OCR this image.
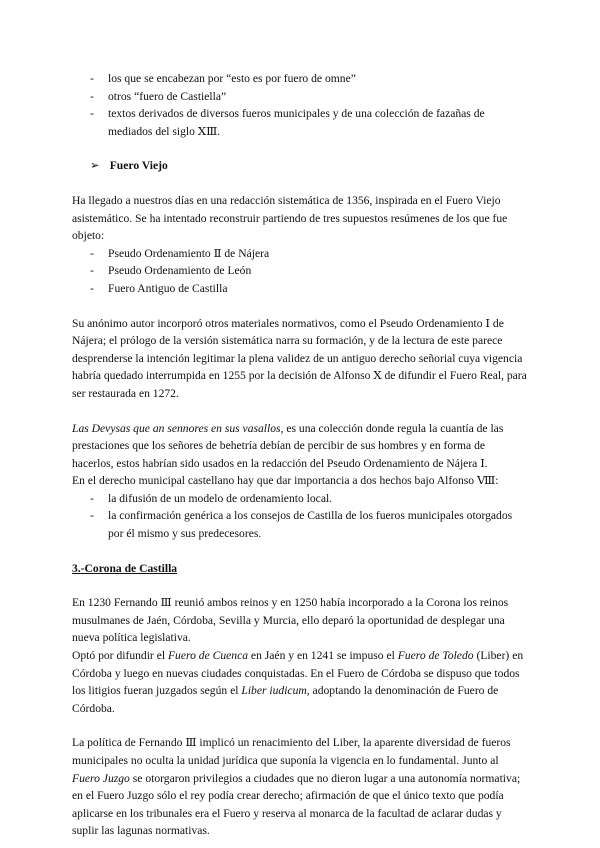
- los que se encabezan por “esto es por fuero de omne”
- otros “fuero de Castiella”
- textos derivados de diversos fueros municipales y de una colección de fazañas de mediados del siglo ⅩⅢ.
➢ Fuero Viejo

Ha llegado a nuestros días en una redacción sistemática de 1356, inspirada en el Fuero Viejo asistemático. Se ha intentado reconstruir partiendo de tres supuestos resúmenes de los que fue objeto:

- Pseudo Ordenamiento Ⅱ de Nájera
- Pseudo Ordenamiento de León
- Fuero Antiguo de Castilla

Su anónimo autor incorporó otros materiales normativos, como el Pseudo Ordenamiento Ⅰ de Nájera; el prólogo de la versión sistemática narra su formación, y de la lectura de este parece desprenderse la intención legitimar la plena validez de un antiguo derecho señorial cuya vigencia habría quedado interrumpida en 1255 por la decisión de Alfonso Ⅹ de difundir el Fuero Real, para ser restaurada en 1272.

Las Devysas que an sennores en sus vasallos, es una colección donde regula la cuantía de las prestaciones que los señores de behetría debían de percibir de sus hombres y en forma de hacerlos, estos habrían sido usados en la redacción del Pseudo Ordenamiento de Nájera Ⅰ.
En el derecho municipal castellano hay que dar importancia a dos hechos bajo Alfonso Ⅷ:

- la difusión de un modelo de ordenamiento local.
- la confirmación genérica a los consejos de Castilla de los fueros municipales otorgados por él mismo y sus predecesores.
3.-Corona de Castilla

En 1230 Fernando Ⅲ reunió ambos reinos y en 1250 había incorporado a la Corona los reinos musulmanes de Jaén, Córdoba, Sevilla y Murcia, ello deparó la oportunidad de desplegar una nueva política legislativa.

Optó por difundir el Fuero de Cuenca en Jaén y en 1241 se impuso el Fuero de Toledo (Liber) en Córdoba y luego en nuevas ciudades conquistadas. En el Fuero de Córdoba se dispuso que todos los litigios fueran juzgados según el Liber iudicum, adoptando la denominación de Fuero de Córdoba.

La política de Fernando Ⅲ implicó un renacimiento del Liber, la aparente diversidad de fueros municipales no oculta la unidad jurídica que suponía la vigencia en lo fundamental. Junto al Fuero Juzgo se otorgaron privilegios a ciudades que no dieron lugar a una autonomía normativa; en el Fuero Juzgo sólo el rey podía crear derecho; afirmación de que el único texto que podía aplicarse en los tribunales era el Fuero y reserva al monarca de la facultad de aclarar dudas y suplir las lagunas normativas.
